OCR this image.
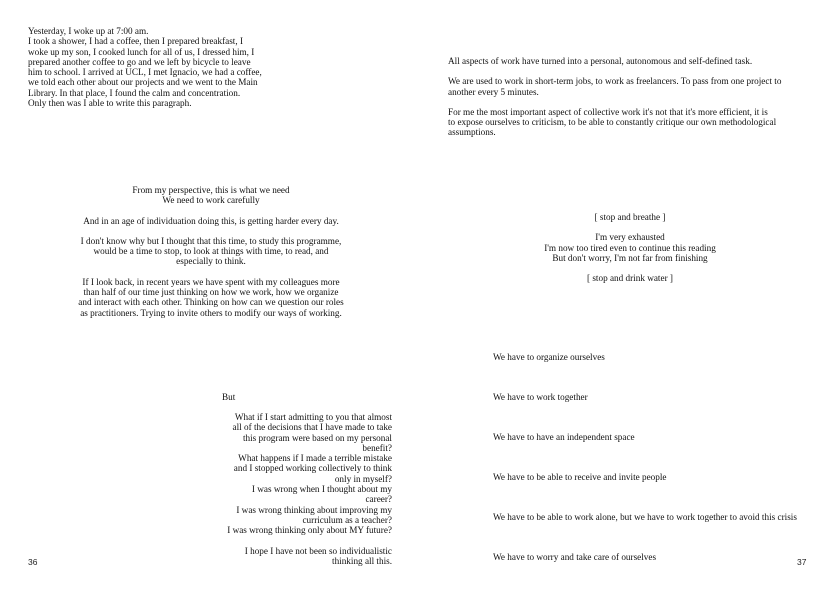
Yesterday, I woke up at 7:00 am.

I took a shower, I had a coffee, then I prepared breakfast, I

woke up my son, I cooked lunch for all of us, I dressed him, I

prepared another coffee to go and we left by bicycle to leave

him to school. I arrived at UCL, I met Ignacio, we had a coffee,

we told each other about our projects and we went to the Main

Library. In that place, I found the calm and concentration.

Only then was I able to write this paragraph.

From my perspective, this is what we need

We need to work carefully

And in an age of individuation doing this, is getting harder every day.

I don't know why but I thought that this time, to study this programme,

would be a time to stop, to look at things with time, to read, and

especially to think.

If I look back, in recent years we have spent with my colleagues more

than half of our time just thinking on how we work, how we organize

and interact with each other. Thinking on how can we question our roles

as practitioners. Trying to invite others to modify our ways of working.

But

What if I start admitting to you that almost

all of the decisions that I have made to take

this program were based on my personal

benefit?

What happens if I made a terrible mistake

and I stopped working collectively to think

only in myself?

I was wrong when I thought about my

career?

I was wrong thinking about improving my

curriculum as a teacher?

I was wrong thinking only about MY future?

I hope I have not been so individualistic

thinking all this.

36

All aspects of work have turned into a personal, autonomous and self-defined task.

We are used to work in short-term jobs, to work as freelancers. To pass from one project to

another every 5 minutes.

For me the most important aspect of collective work it's not that it's more efficient, it is

to expose ourselves to criticism, to be able to constantly critique our own methodological

assumptions.

[ stop and breathe ]

I'm very exhausted

I'm now too tired even to continue this reading

But don't worry, I'm not far from finishing

[ stop and drink water ]

We have to organize ourselves
We have to work together
We have to have an independent space
We have to be able to receive and invite people
We have to be able to work alone, but we have to work together to avoid this crisis
We have to worry and take care of ourselves
37
